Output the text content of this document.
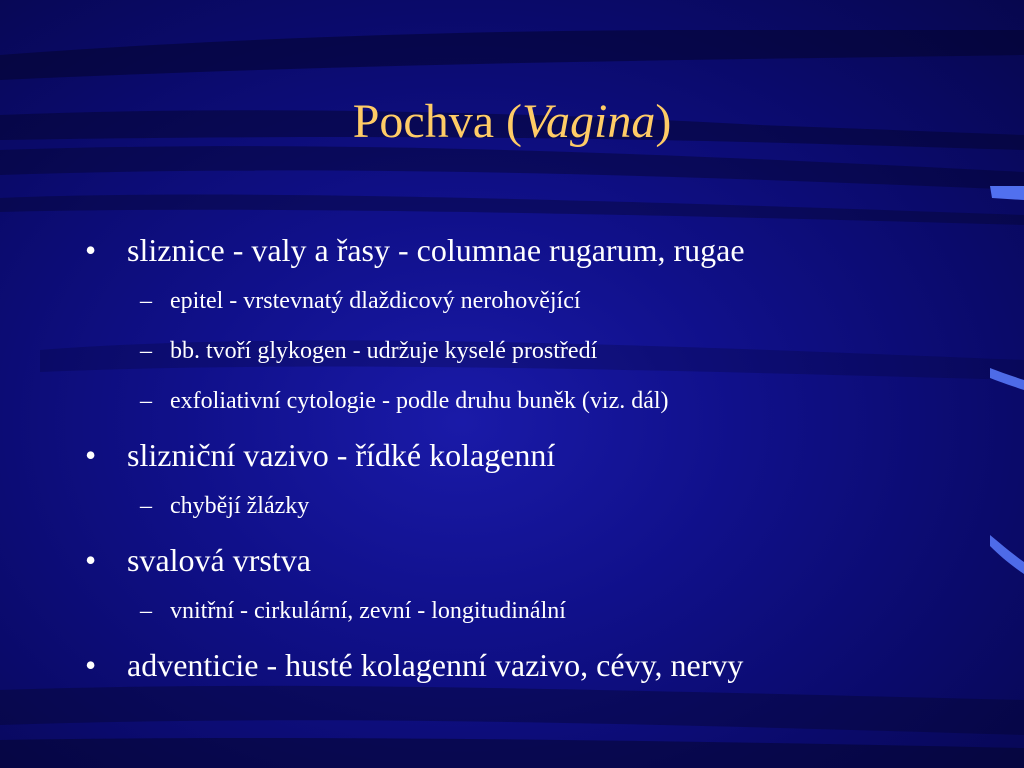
Pochva (Vagina)
• sliznice - valy a řasy - columnae rugarum, rugae
– epitel - vrstevnatý dlaždicový nerohovějící
– bb. tvoří glykogen - udržuje kyselé prostředí
– exfoliativní cytologie - podle druhu buněk (viz. dál)
• slizniční vazivo - řídké kolagenní
– chybějí žlázky
• svalová vrstva
– vnitřní - cirkulární, zevní - longitudinální
• adventicie - husté kolagenní vazivo, cévy, nervy
